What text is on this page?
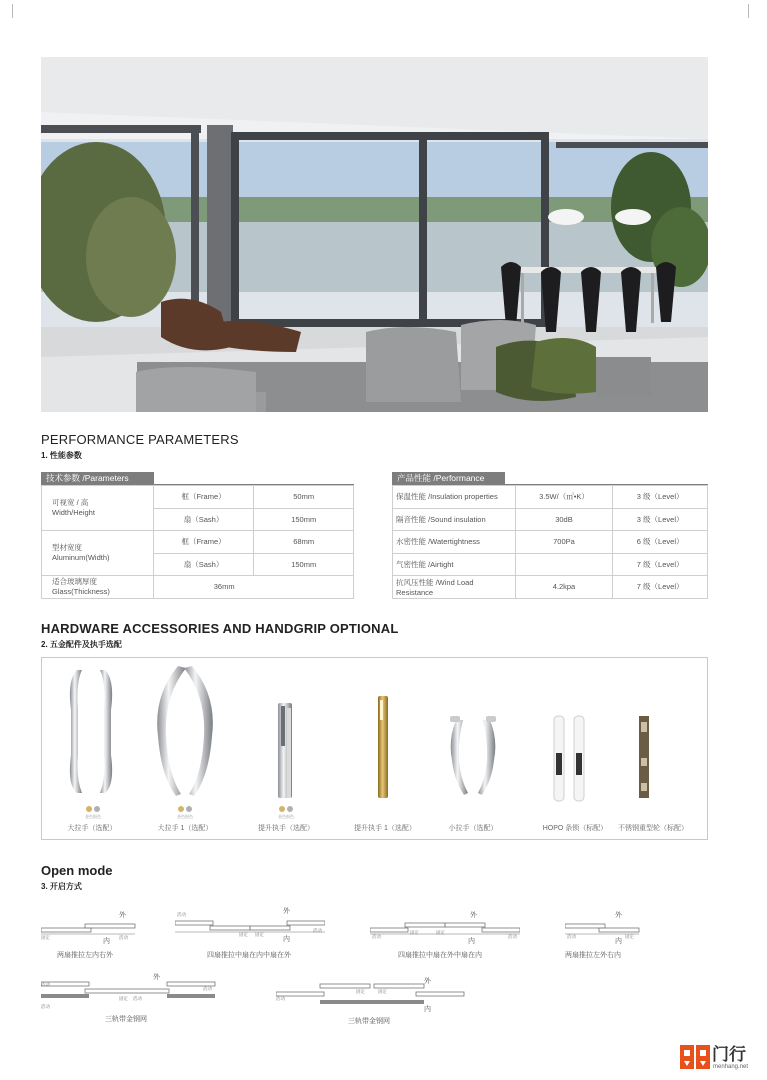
PERFORMANCE PARAMETERS
1. 性能参数
技术参数 /Parameters
可视宽 / 高
Width/Height	框（Frame）	50mm
	扇（Sash）	150mm
型材宽度
Aluminum(Width)	框（Frame）	68mm
	扇（Sash）	150mm
适合玻璃厚度
Glass(Thickness)	36mm	
产品性能 /Performance
保温性能 /Insulation properties	3.5W/（㎡•K）	3 级（Level）
隔音性能 /Sound insulation	30dB	3 级（Level）
水密性能 /Watertightness	700Pa	6 级（Level）
气密性能 /Airtight		7 级（Level）
抗风压性能 /Wind Load Resistance	4.2kpa	7 级（Level）
HARDWARE ACCESSORIES AND HANDGRIP OPTIONAL
2. 五金配件及执手选配
金色 银色
大拉手（选配）
金色 银色
大拉手 1（选配）
金色 银色
提升执手（选配）	提升执手 1（选配）	小拉手（选配）	HOPO 条锁（标配）	不锈钢重型轮（标配）
Open mode
3. 开启方式
外
内
固定	活动
两扇推拉左内右外
外
内
活动
固定 固定
活动
四扇推拉中扇在内中扇在外
外
内
活动
固定	固定
活动
四扇推拉中扇在外中扇在内
外
内
活动	固定
两扇推拉左外右内
外
活动
活动
固定 活动
活动
三轨带金钢网
外
内
固定	固定
活动
三轨带金钢网
门行
menhang.net
